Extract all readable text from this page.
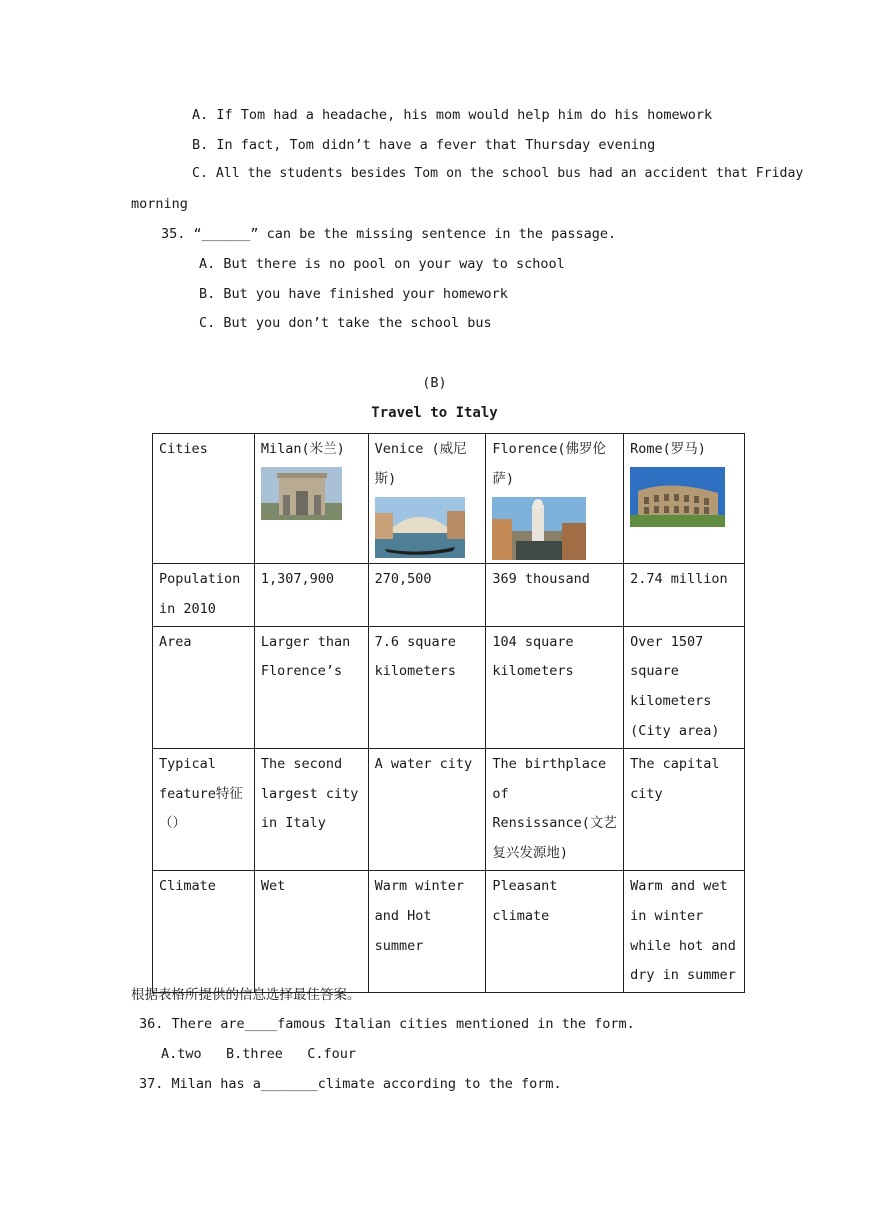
A. If Tom had a headache, his mom would help him do his homework
B. In fact, Tom didn’t have a fever that Thursday evening
C. All the students besides Tom on the school bus had an accident that Friday
morning
35. “______” can be the missing sentence in the passage.
A. But there is no pool on your way to school
B. But you have finished your homework
C. But you don’t take the school bus
(B)
Travel to Italy
Cities	Milan(米兰)	Venice (威尼斯)	Florence(佛罗伦萨)	Rome(罗马)

Population in 2010	1,307,900	270,500	369 thousand	2.74 million
Area	Larger than Florence’s	7.6 square kilometers	104 square kilometers	Over 1507 square kilometers (City area)
Typical feature特征（）	The second largest city in Italy	A water city	The birthplace of Rensissance(文艺复兴发源地)	The capital city
Climate	Wet	Warm winter and Hot summer	Pleasant climate	Warm and wet in winter while hot and dry in summer
根据表格所提供的信息选择最佳答案。
36. There are____famous Italian cities mentioned in the form.
A.two   B.three   C.four
37. Milan has a_______climate according to the form.
